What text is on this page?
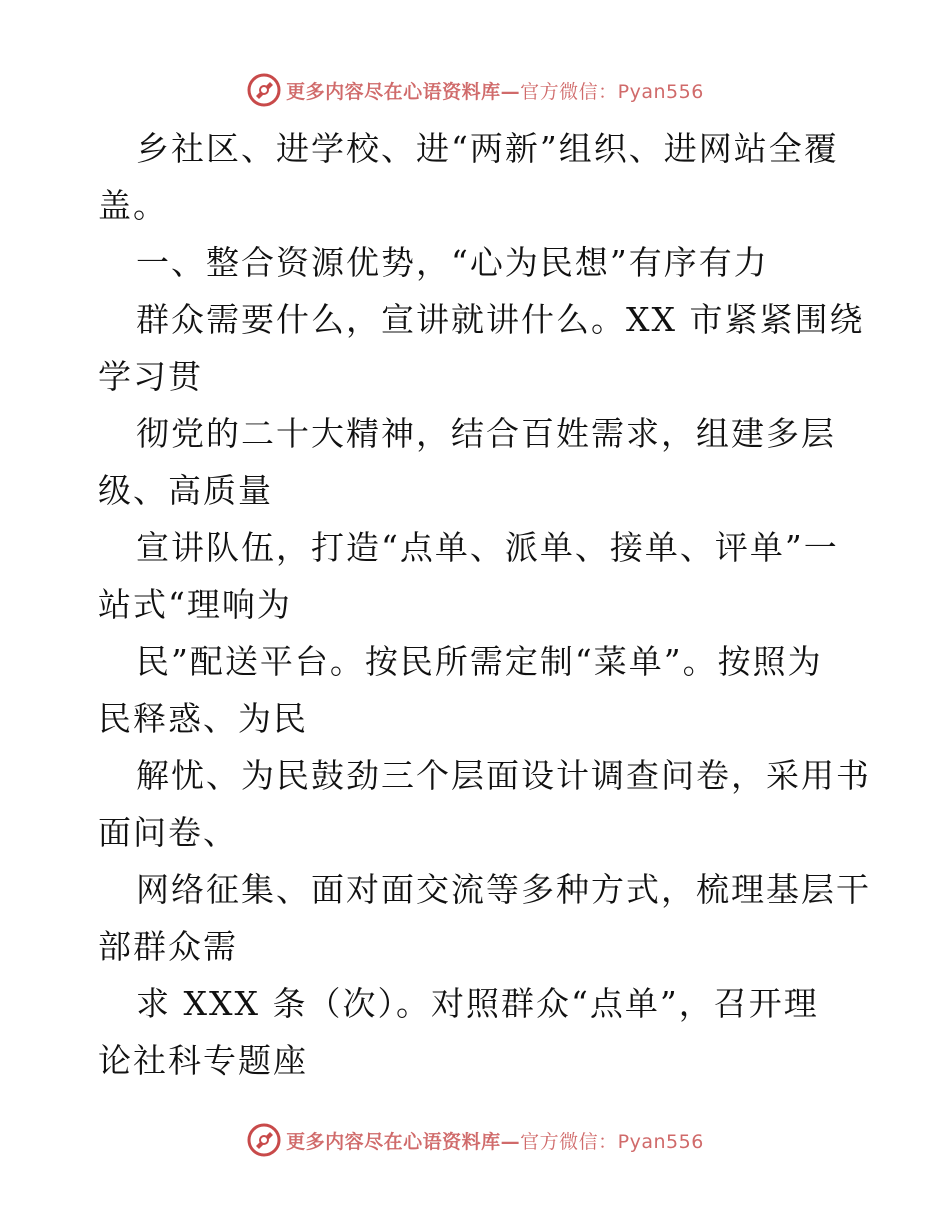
更多内容尽在心语资料库—官方微信：Pyan556
乡社区、进学校、进“两新”组织、进网站全覆
盖。
一、整合资源优势，“心为民想”有序有力
群众需要什么，宣讲就讲什么。XX 市紧紧围绕
学习贯
彻党的二十大精神，结合百姓需求，组建多层
级、高质量
宣讲队伍，打造“点单、派单、接单、评单”一
站式“理响为
民”配送平台。按民所需定制“菜单”。按照为
民释惑、为民
解忧、为民鼓劲三个层面设计调查问卷，采用书
面问卷、
网络征集、面对面交流等多种方式，梳理基层干
部群众需
求 XXX 条（次）。对照群众“点单”，召开理
论社科专题座
更多内容尽在心语资料库—官方微信：Pyan556
